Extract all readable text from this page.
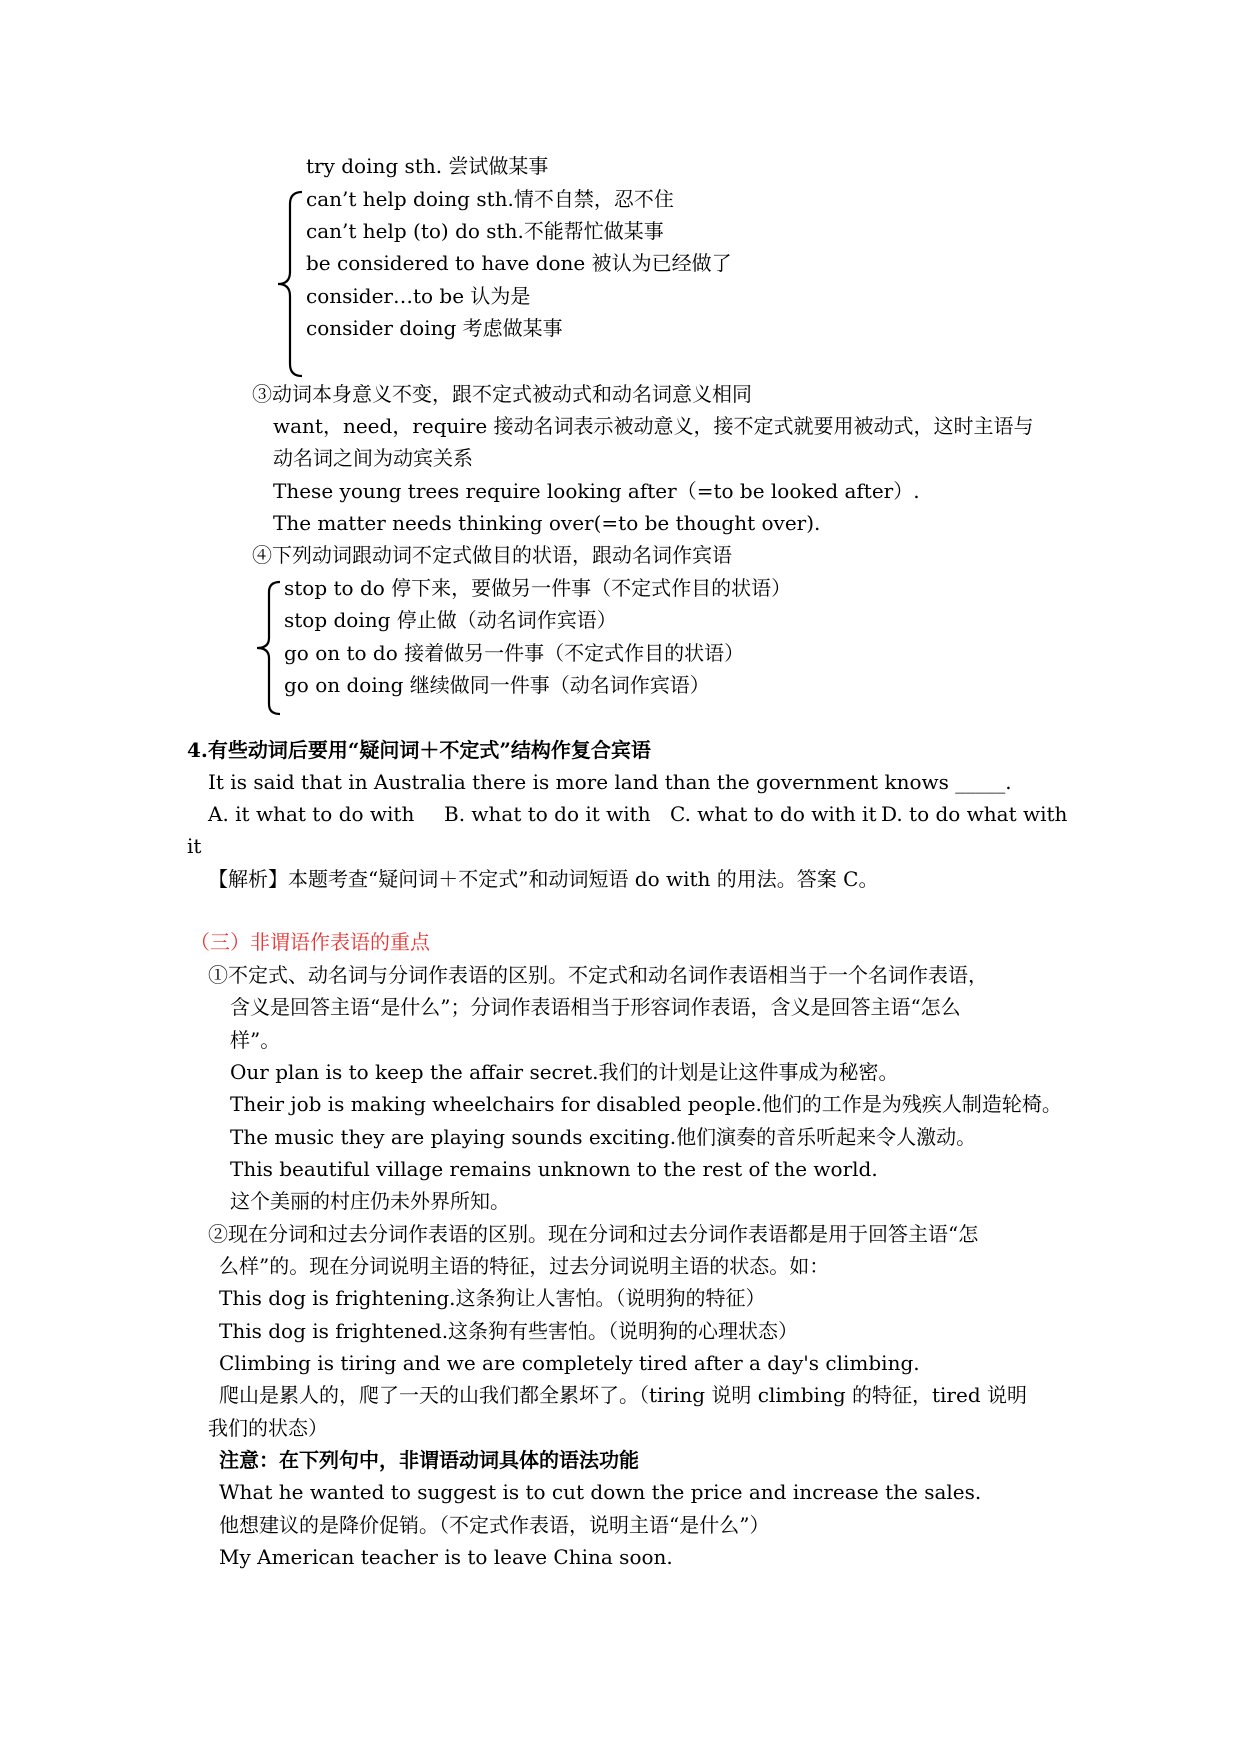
try doing sth. 尝试做某事
can’t help doing sth.情不自禁，忍不住
can’t help (to) do sth.不能帮忙做某事
be considered to have done 被认为已经做了
consider…to be 认为是
consider doing 考虑做某事
③动词本身意义不变，跟不定式被动式和动名词意义相同
want，need，require 接动名词表示被动意义，接不定式就要用被动式，这时主语与
动名词之间为动宾关系
These young trees require looking after（=to be looked after）.
The matter needs thinking over(=to be thought over).
④下列动词跟动词不定式做目的状语，跟动名词作宾语
stop to do 停下来，要做另一件事（不定式作目的状语）
stop doing 停止做（动名词作宾语）
go on to do 接着做另一件事（不定式作目的状语）
go on doing 继续做同一件事（动名词作宾语）
4.有些动词后要用“疑问词＋不定式”结构作复合宾语
It is said that in Australia there is more land than the government knows _____.
A. it what to do with B. what to do it with C. what to do with it D. to do what with
it
【解析】本题考查“疑问词＋不定式”和动词短语 do with 的用法。答案 C。
（三）非谓语作表语的重点
①不定式、动名词与分词作表语的区别。不定式和动名词作表语相当于一个名词作表语，
含义是回答主语“是什么”；分词作表语相当于形容词作表语，含义是回答主语“怎么
样”。
Our plan is to keep the affair secret.我们的计划是让这件事成为秘密。
Their job is making wheelchairs for disabled people.他们的工作是为残疾人制造轮椅。
The music they are playing sounds exciting.他们演奏的音乐听起来令人激动。
This beautiful village remains unknown to the rest of the world.
这个美丽的村庄仍未外界所知。
②现在分词和过去分词作表语的区别。现在分词和过去分词作表语都是用于回答主语“怎
么样”的。现在分词说明主语的特征，过去分词说明主语的状态。如：
This dog is frightening.这条狗让人害怕。（说明狗的特征）
This dog is frightened.这条狗有些害怕。（说明狗的心理状态）
Climbing is tiring and we are completely tired after a day's climbing.
爬山是累人的，爬了一天的山我们都全累坏了。（tiring 说明 climbing 的特征，tired 说明
我们的状态）
注意：在下列句中，非谓语动词具体的语法功能
What he wanted to suggest is to cut down the price and increase the sales.
他想建议的是降价促销。（不定式作表语，说明主语“是什么”）
My American teacher is to leave China soon.
